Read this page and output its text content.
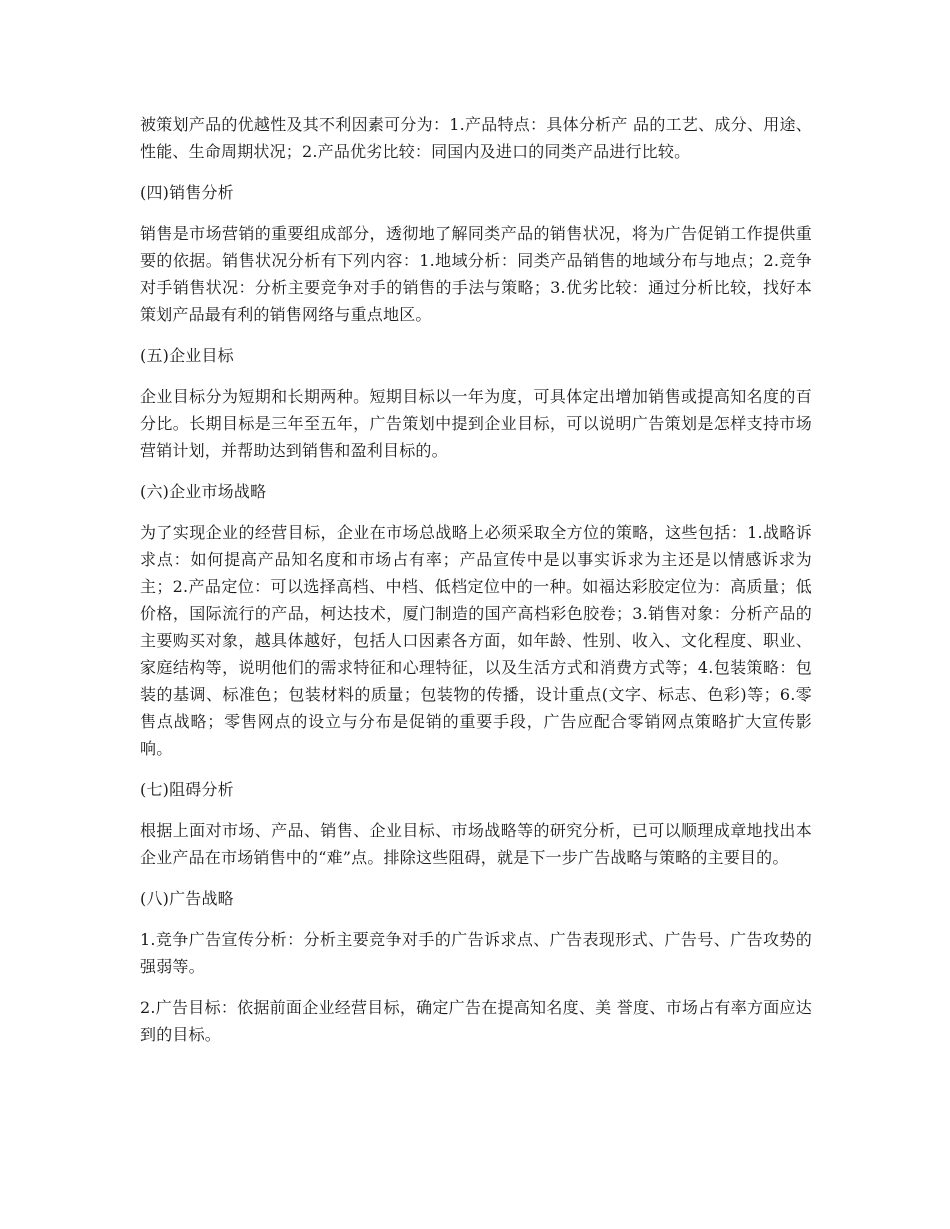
被策划产品的优越性及其不利因素可分为：1.产品特点：具体分析产 品的工艺、成分、用途、性能、生命周期状况；2.产品优劣比较：同国内及进口的同类产品进行比较。

(四)销售分析

销售是市场营销的重要组成部分，透彻地了解同类产品的销售状况，将为广告促销工作提供重要的依据。销售状况分析有下列内容：1.地域分析：同类产品销售的地域分布与地点；2.竞争对手销售状况：分析主要竞争对手的销售的手法与策略；3.优劣比较：通过分析比较，找好本策划产品最有利的销售网络与重点地区。

(五)企业目标

企业目标分为短期和长期两种。短期目标以一年为度，可具体定出增加销售或提高知名度的百分比。长期目标是三年至五年，广告策划中提到企业目标，可以说明广告策划是怎样支持市场营销计划，并帮助达到销售和盈利目标的。

(六)企业市场战略

为了实现企业的经营目标，企业在市场总战略上必须采取全方位的策略，这些包括：1.战略诉求点：如何提高产品知名度和市场占有率；产品宣传中是以事实诉求为主还是以情感诉求为主；2.产品定位：可以选择高档、中档、低档定位中的一种。如福达彩胶定位为：高质量；低价格，国际流行的产品，柯达技术，厦门制造的国产高档彩色胶卷；3.销售对象：分析产品的主要购买对象，越具体越好，包括人口因素各方面，如年龄、性别、收入、文化程度、职业、家庭结构等，说明他们的需求特征和心理特征，以及生活方式和消费方式等；4.包装策略：包装的基调、标准色；包装材料的质量；包装物的传播，设计重点(文字、标志、色彩)等；6.零售点战略；零售网点的设立与分布是促销的重要手段，广告应配合零销网点策略扩大宣传影响。

(七)阻碍分析

根据上面对市场、产品、销售、企业目标、市场战略等的研究分析，已可以顺理成章地找出本企业产品在市场销售中的“难”点。排除这些阻碍，就是下一步广告战略与策略的主要目的。

(八)广告战略

1.竞争广告宣传分析：分析主要竞争对手的广告诉求点、广告表现形式、广告号、广告攻势的强弱等。

2.广告目标：依据前面企业经营目标，确定广告在提高知名度、美 誉度、市场占有率方面应达到的目标。
